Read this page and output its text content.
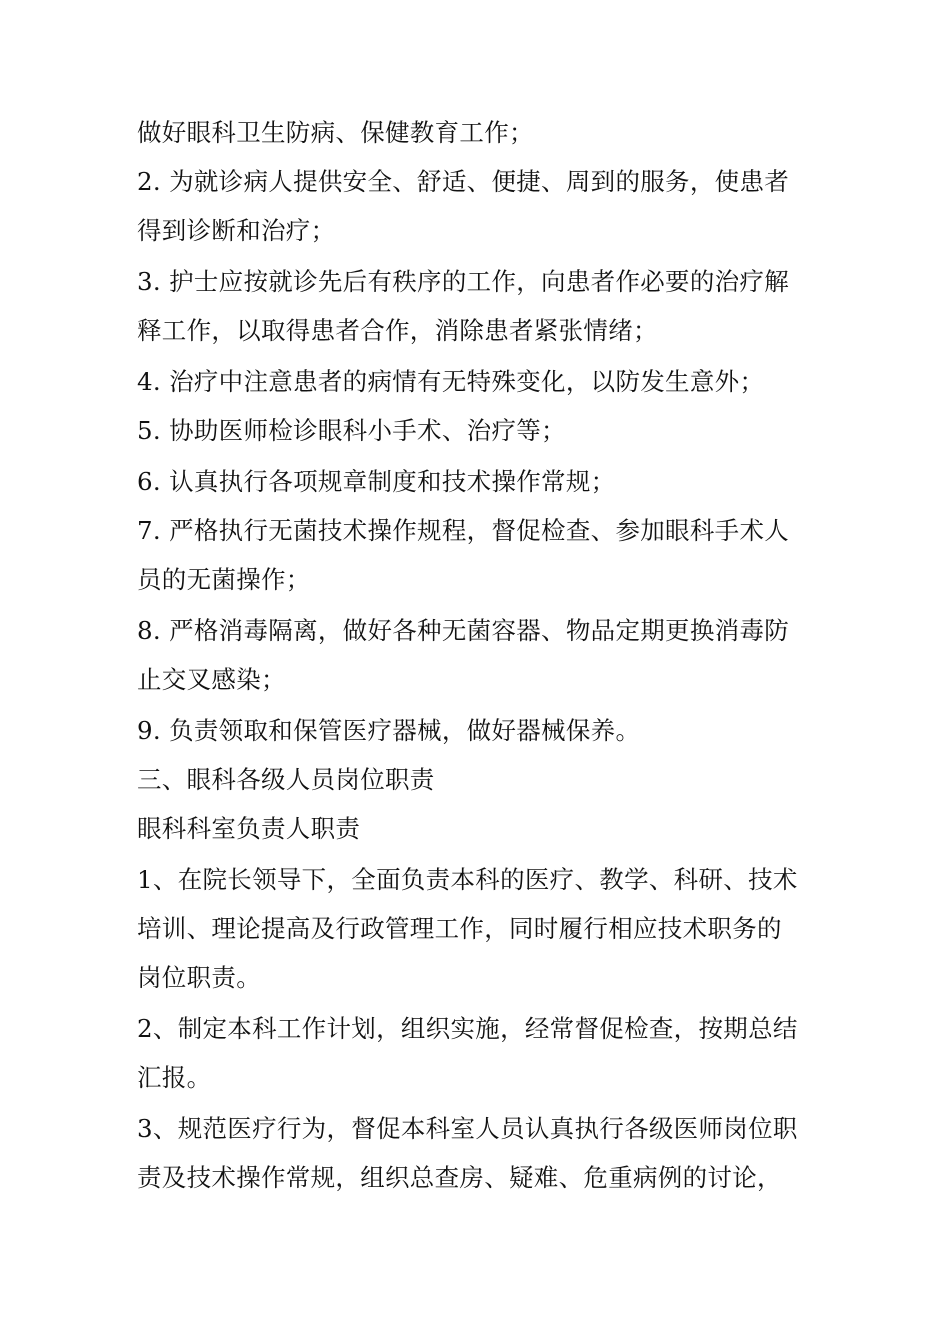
做好眼科卫生防病、保健教育工作；
2. 为就诊病人提供安全、舒适、便捷、周到的服务，使患者
得到诊断和治疗；
3. 护士应按就诊先后有秩序的工作，向患者作必要的治疗解
释工作，以取得患者合作，消除患者紧张情绪；
4. 治疗中注意患者的病情有无特殊变化，以防发生意外；
5. 协助医师检诊眼科小手术、治疗等；
6. 认真执行各项规章制度和技术操作常规；
7. 严格执行无菌技术操作规程，督促检查、参加眼科手术人
员的无菌操作；
8. 严格消毒隔离，做好各种无菌容器、物品定期更换消毒防
止交叉感染；
9. 负责领取和保管医疗器械，做好器械保养。
三、眼科各级人员岗位职责
眼科科室负责人职责
1、在院长领导下，全面负责本科的医疗、教学、科研、技术
培训、理论提高及行政管理工作，同时履行相应技术职务的
岗位职责。
2、制定本科工作计划，组织实施，经常督促检查，按期总结
汇报。
3、规范医疗行为，督促本科室人员认真执行各级医师岗位职
责及技术操作常规，组织总查房、疑难、危重病例的讨论，
